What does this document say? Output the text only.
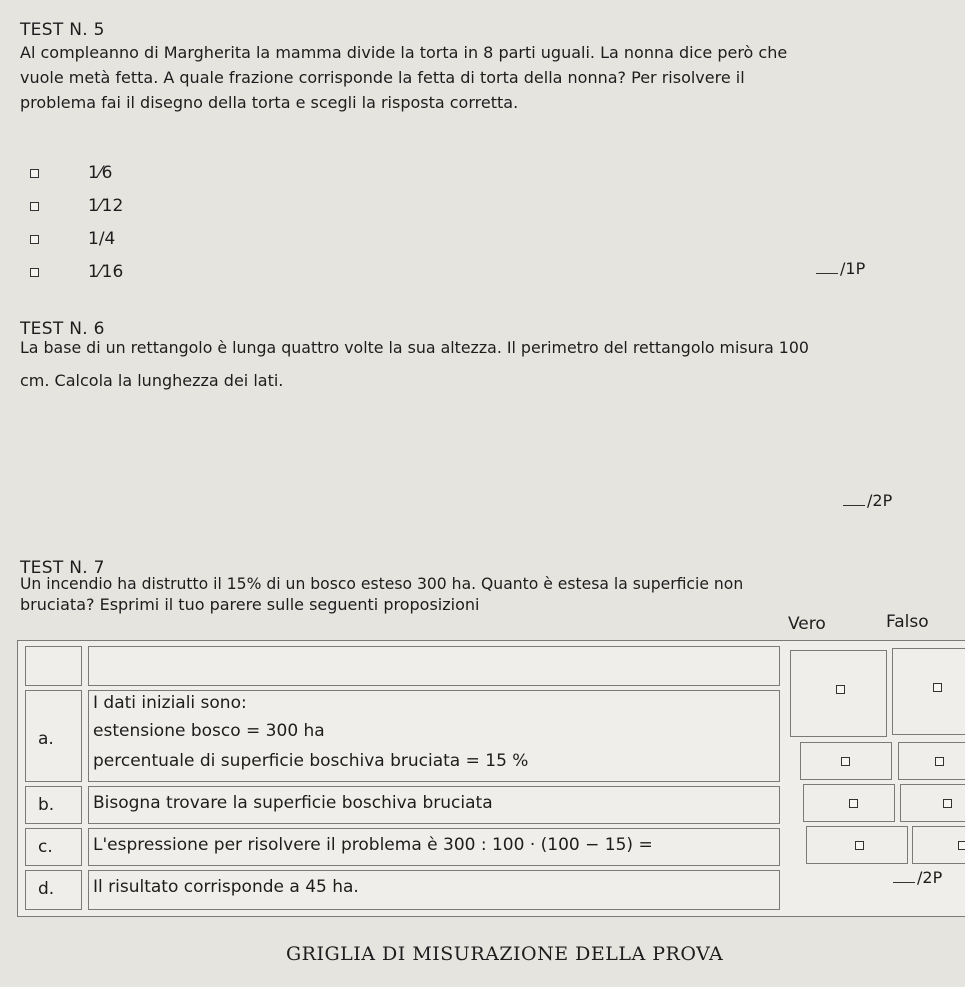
TEST N. 5
Al compleanno di Margherita la mamma divide la torta in 8 parti uguali. La nonna dice però che
vuole metà fetta. A quale frazione corrisponde la fetta di torta della nonna? Per risolvere il
problema fai il disegno della torta e scegli la risposta corretta.
1⁄6
1⁄12
1/4
1⁄16	/1P
TEST N. 6
La base di un rettangolo è lunga quattro volte la sua altezza. Il perimetro del rettangolo misura 100
cm. Calcola la lunghezza dei lati.
/2P
TEST N. 7
Un incendio ha distrutto il 15% di un bosco esteso 300 ha. Quanto è estesa la superficie non
Vero	Falso
a.
I dati iniziali sono:
estensione bosco = 300 ha
percentuale di superficie boschiva bruciata = 15 %
b. Bisogna trovare la superficie boschiva bruciata
c. L'espressione per risolvere il problema è 300 : 100 · (100 − 15) =
d. Il risultato corrisponde a 45 ha.	/2P
bruciata? Esprimi il tuo parere sulle seguenti proposizioni
GRIGLIA DI MISURAZIONE DELLA PROVA
